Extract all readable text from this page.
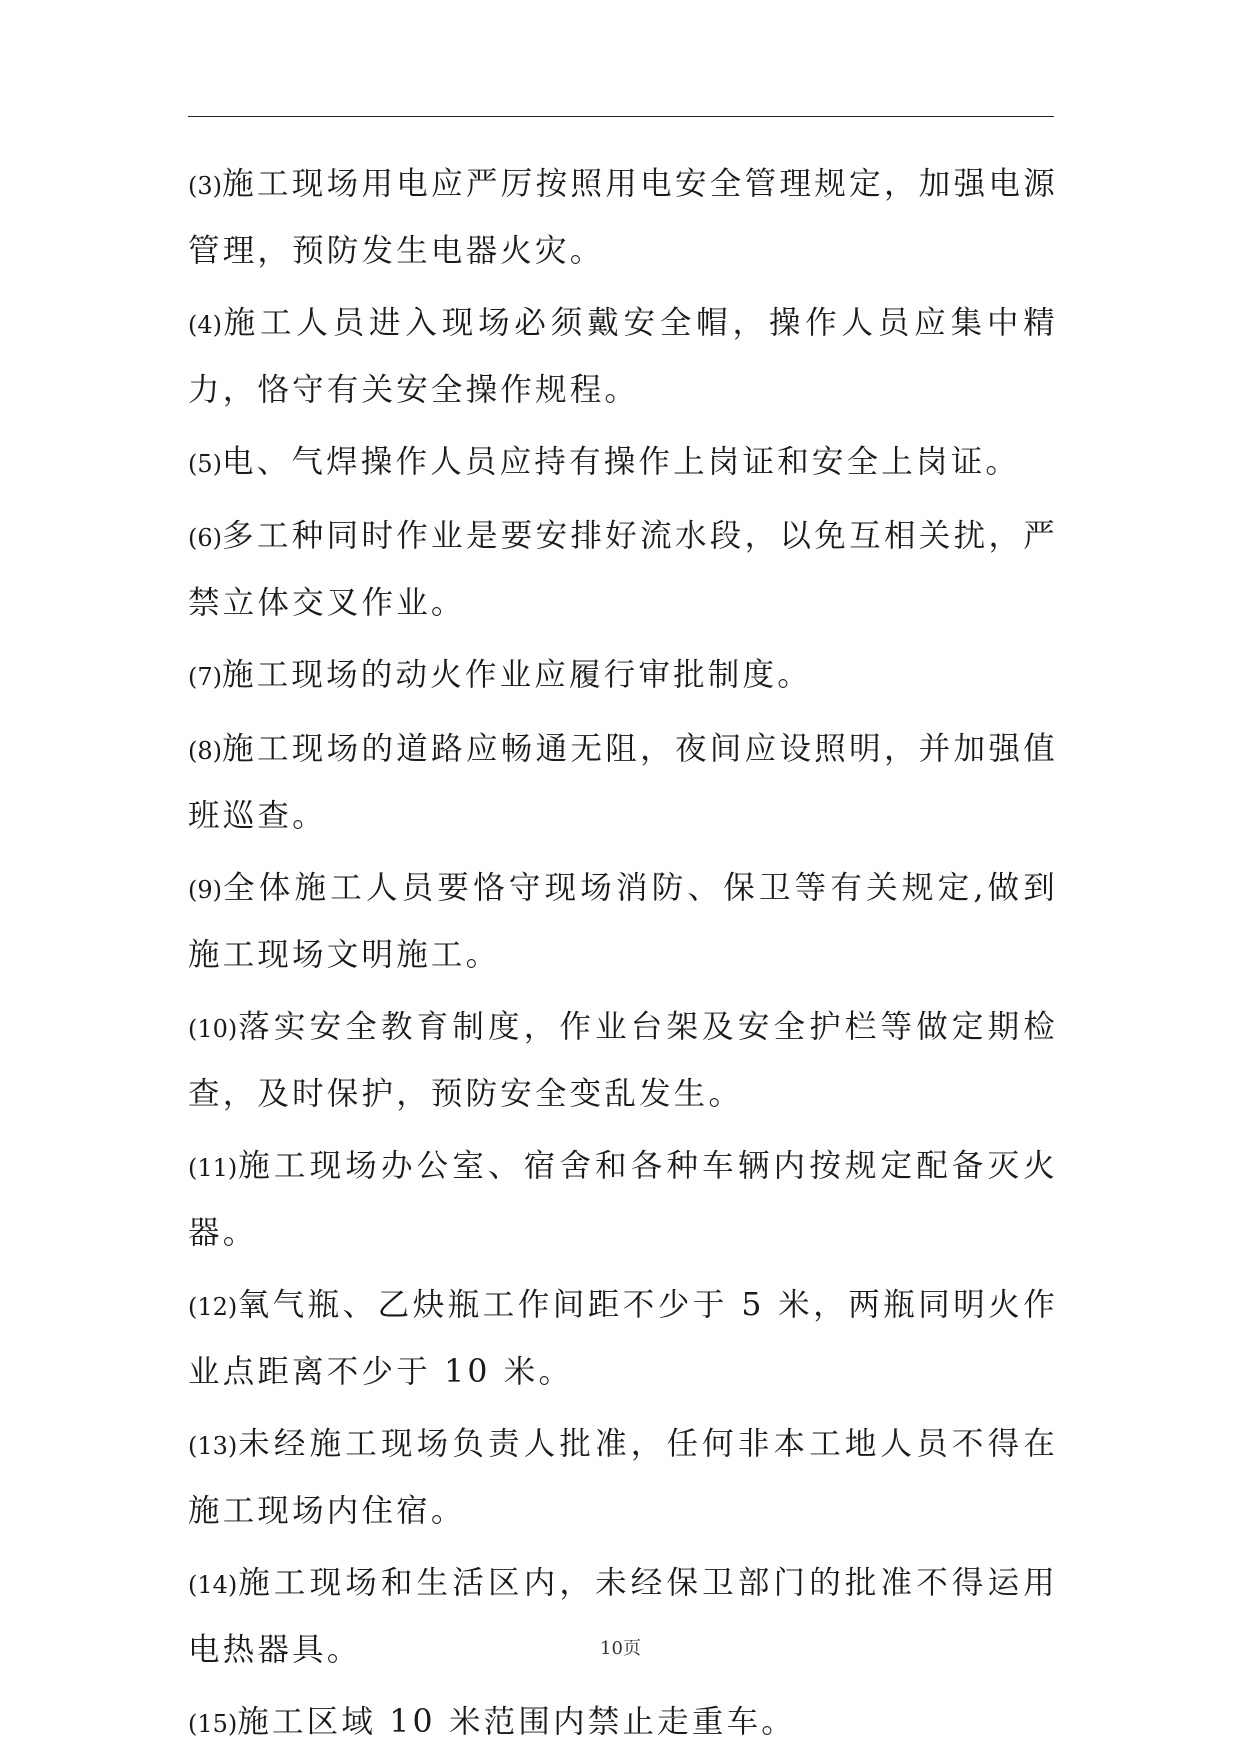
(3)施工现场用电应严厉按照用电安全管理规定，加强电源管理，预防发生电器火灾。

(4)施工人员进入现场必须戴安全帽，操作人员应集中精力，恪守有关安全操作规程。

(5)电、气焊操作人员应持有操作上岗证和安全上岗证。

(6)多工种同时作业是要安排好流水段，以免互相关扰，严禁立体交叉作业。

(7)施工现场的动火作业应履行审批制度。

(8)施工现场的道路应畅通无阻，夜间应设照明，并加强值班巡查。

(9)全体施工人员要恪守现场消防、保卫等有关规定,做到施工现场文明施工。

(10)落实安全教育制度，作业台架及安全护栏等做定期检查，及时保护，预防安全变乱发生。

(11)施工现场办公室、宿舍和各种车辆内按规定配备灭火器。

(12)氧气瓶、乙炔瓶工作间距不少于 5 米，两瓶同明火作业点距离不少于 10 米。

(13)未经施工现场负责人批准，任何非本工地人员不得在施工现场内住宿。

(14)施工现场和生活区内，未经保卫部门的批准不得运用电热器具。

(15)施工区域 10 米范围内禁止走重车。

10页
